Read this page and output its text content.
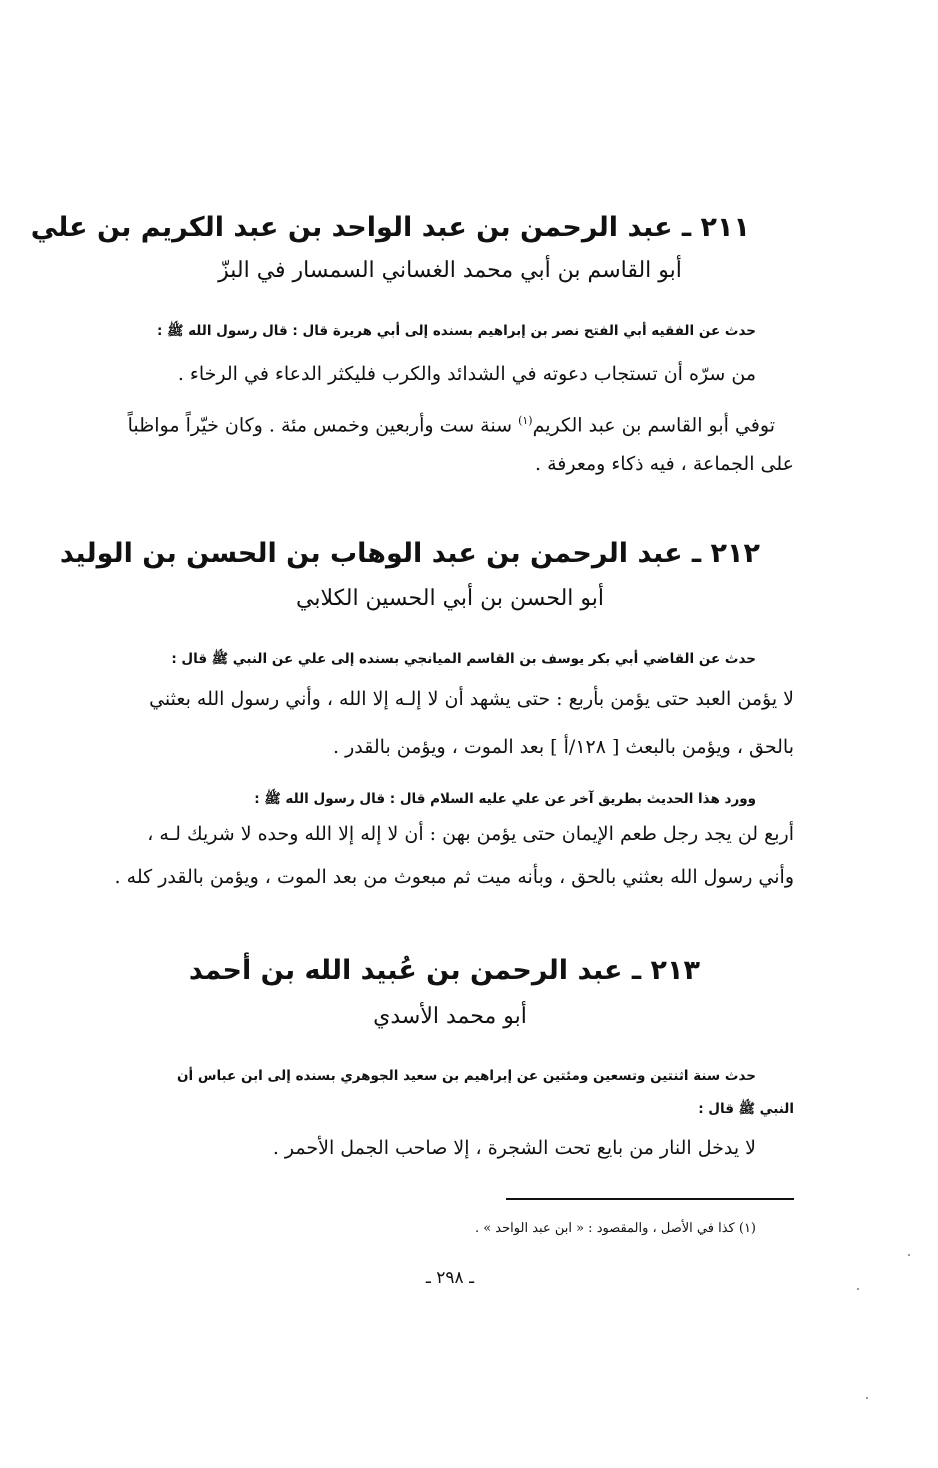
٢١١ ـ عبد الرحمن بن عبد الواحد بن عبد الكريم بن علي
أبو القاسم بن أبي محمد الغساني السمسار في البزّ
حدث عن الفقيه أبي الفتح نصر بن إبراهيم بسنده إلى أبي هريرة قال : قال رسول الله ﷺ :
من سرّه أن تستجاب دعوته في الشدائد والكرب فليكثر الدعاء في الرخاء .
توفي أبو القاسم بن عبد الكريم$^{(١)}$ سنة ست وأربعين وخمس مئة . وكان خيّراً مواظباً
على الجماعة ، فيه ذكاء ومعرفة .
٢١٢ ـ عبد الرحمن بن عبد الوهاب بن الحسن بن الوليد
أبو الحسن بن أبي الحسين الكلابي
حدث عن القاضي أبي بكر يوسف بن القاسم الميانجي بسنده إلى علي عن النبي ﷺ قال :
لا يؤمن العبد حتى يؤمن بأربع : حتى يشهد أن لا إلـه إلا الله ، وأني رسول الله بعثني
بالحق ، ويؤمن بالبعث [ ١٢٨/أ ] بعد الموت ، ويؤمن بالقدر .
وورد هذا الحديث بطريق آخر عن علي عليه السلام قال : قال رسول الله ﷺ :
أربع لن يجد رجل طعم الإيمان حتى يؤمن بهن : أن لا إله إلا الله وحده لا شريك لـه ،
وأني رسول الله بعثني بالحق ، وبأنه ميت ثم مبعوث من بعد الموت ، ويؤمن بالقدر كله .
٢١٣ ـ عبد الرحمن بن عُبيد الله بن أحمد
أبو محمد الأسدي
حدث سنة اثنتين وتسعين ومئتين عن إبراهيم بن سعيد الجوهري بسنده إلى ابن عباس أن
النبي ﷺ قال :
لا يدخل النار من بايع تحت الشجرة ، إلا صاحب الجمل الأحمر .
(١) كذا في الأصل ، والمقصود : « ابن عبد الواحد » .
ـ ٢٩٨ ـ
